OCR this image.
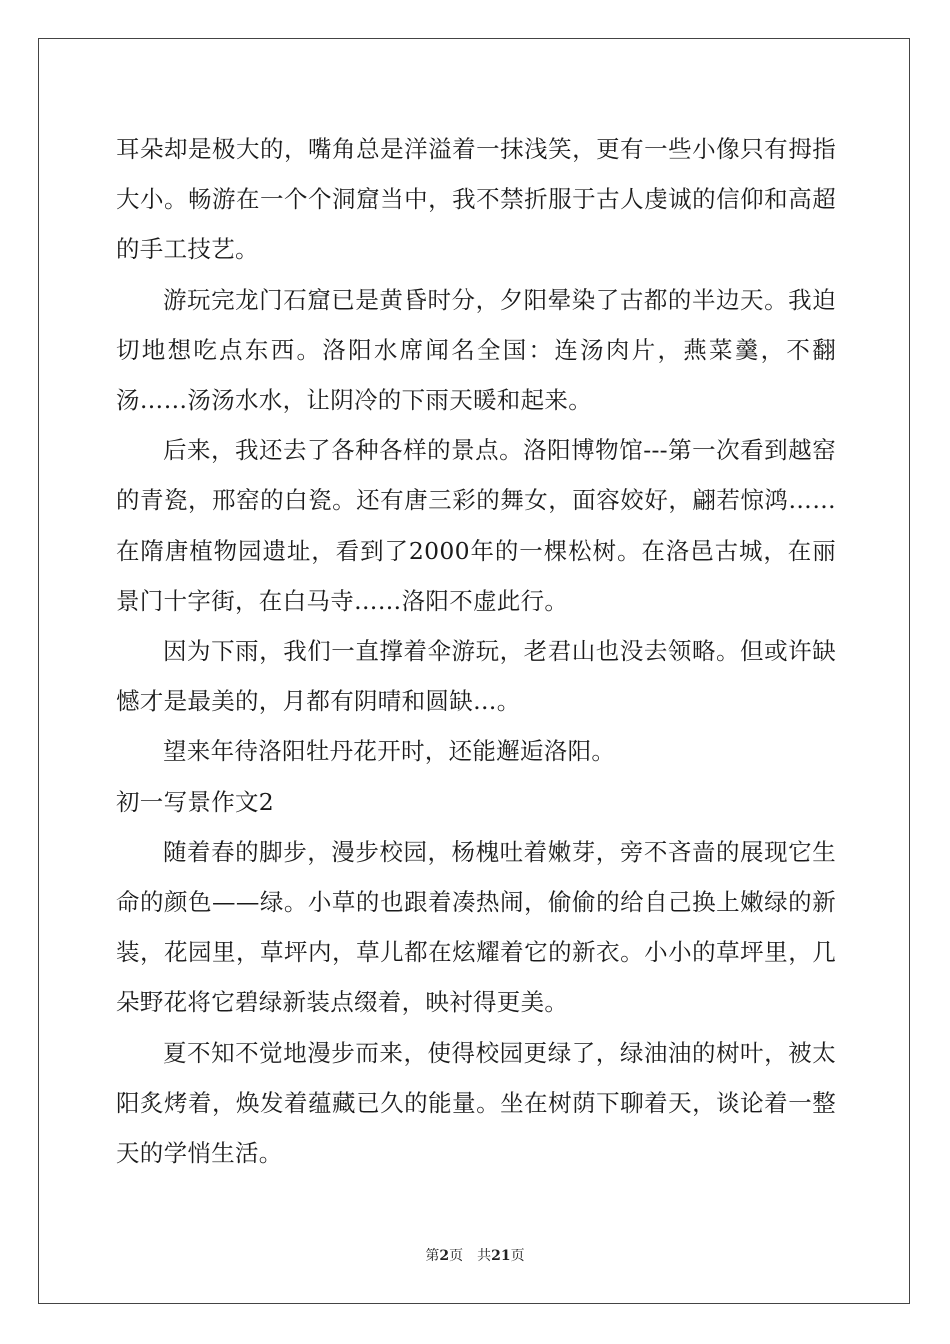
耳朵却是极大的，嘴角总是洋溢着一抹浅笑，更有一些小像只有拇指大小。畅游在一个个洞窟当中，我不禁折服于古人虔诚的信仰和高超的手工技艺。

游玩完龙门石窟已是黄昏时分，夕阳晕染了古都的半边天。我迫切地想吃点东西。洛阳水席闻名全国：连汤肉片，燕菜羹，不翻汤……汤汤水水，让阴冷的下雨天暖和起来。

后来，我还去了各种各样的景点。洛阳博物馆---第一次看到越窑的青瓷，邢窑的白瓷。还有唐三彩的舞女，面容姣好，翩若惊鸿……在隋唐植物园遗址，看到了2000年的一棵松树。在洛邑古城，在丽景门十字街，在白马寺……洛阳不虚此行。

因为下雨，我们一直撑着伞游玩，老君山也没去领略。但或许缺憾才是最美的，月都有阴晴和圆缺…。

望来年待洛阳牡丹花开时，还能邂逅洛阳。

初一写景作文2

随着春的脚步，漫步校园，杨槐吐着嫩芽，旁不吝啬的展现它生命的颜色——绿。小草的也跟着凑热闹，偷偷的给自己换上嫩绿的新装，花园里，草坪内，草儿都在炫耀着它的新衣。小小的草坪里，几朵野花将它碧绿新装点缀着，映衬得更美。

夏不知不觉地漫步而来，使得校园更绿了，绿油油的树叶，被太阳炙烤着，焕发着蕴藏已久的能量。坐在树荫下聊着天，谈论着一整天的学悄生活。

第2页 共21页
